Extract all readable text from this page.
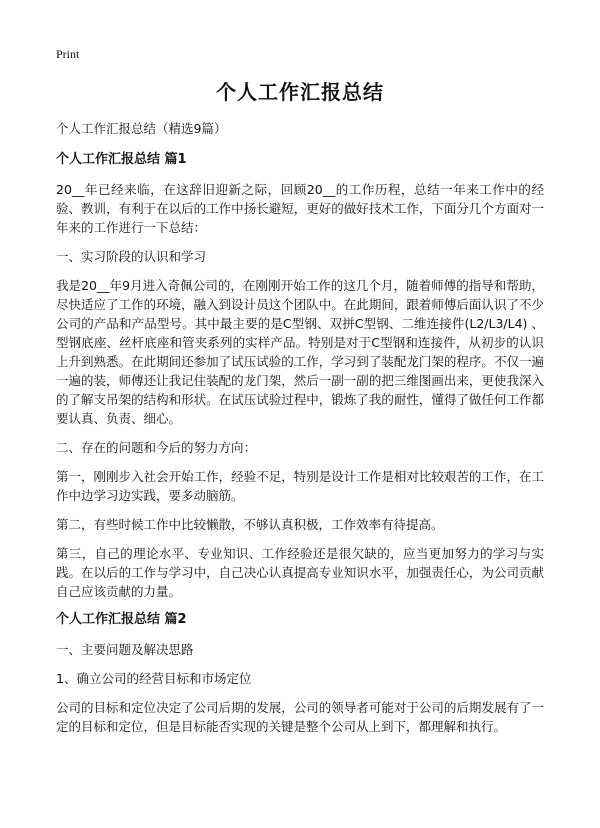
Print
个人工作汇报总结
个人工作汇报总结（精选9篇）
个人工作汇报总结 篇1

20__年已经来临，在这辞旧迎新之际，回顾20__的工作历程，总结一年来工作中的经验、教训，有利于在以后的工作中扬长避短，更好的做好技术工作，下面分几个方面对一年来的工作进行一下总结：

一、实习阶段的认识和学习

我是20__年9月进入奇佩公司的，在刚刚开始工作的这几个月，随着师傅的指导和帮助，尽快适应了工作的环境，融入到设计员这个团队中。在此期间，跟着师傅后面认识了不少公司的产品和产品型号。其中最主要的是C型钢、双拼C型钢、二维连接件(L2/L3/L4) 、型钢底座、丝杆底座和管夹系列的实样产品。特别是对于C型钢和连接件，从初步的认识上升到熟悉。在此期间还参加了试压试验的工作，学习到了装配龙门架的程序。不仅一遍一遍的装，师傅还让我记住装配的龙门架，然后一副一副的把三维图画出来，更使我深入的了解支吊架的结构和形状。在试压试验过程中，锻炼了我的耐性，懂得了做任何工作都要认真、负责、细心。

二、存在的问题和今后的努力方向：

第一，刚刚步入社会开始工作，经验不足，特别是设计工作是相对比较艰苦的工作，在工作中边学习边实践，要多动脑筋。

第二，有些时候工作中比较懒散，不够认真积极，工作效率有待提高。

第三，自己的理论水平、专业知识、工作经验还是很欠缺的，应当更加努力的学习与实践。在以后的工作与学习中，自己决心认真提高专业知识水平，加强责任心，为公司贡献自己应该贡献的力量。

个人工作汇报总结 篇2

一、主要问题及解决思路

1、确立公司的经营目标和市场定位

公司的目标和定位决定了公司后期的发展，公司的领导者可能对于公司的后期发展有了一定的目标和定位，但是目标能否实现的关键是整个公司从上到下，都理解和执行。
